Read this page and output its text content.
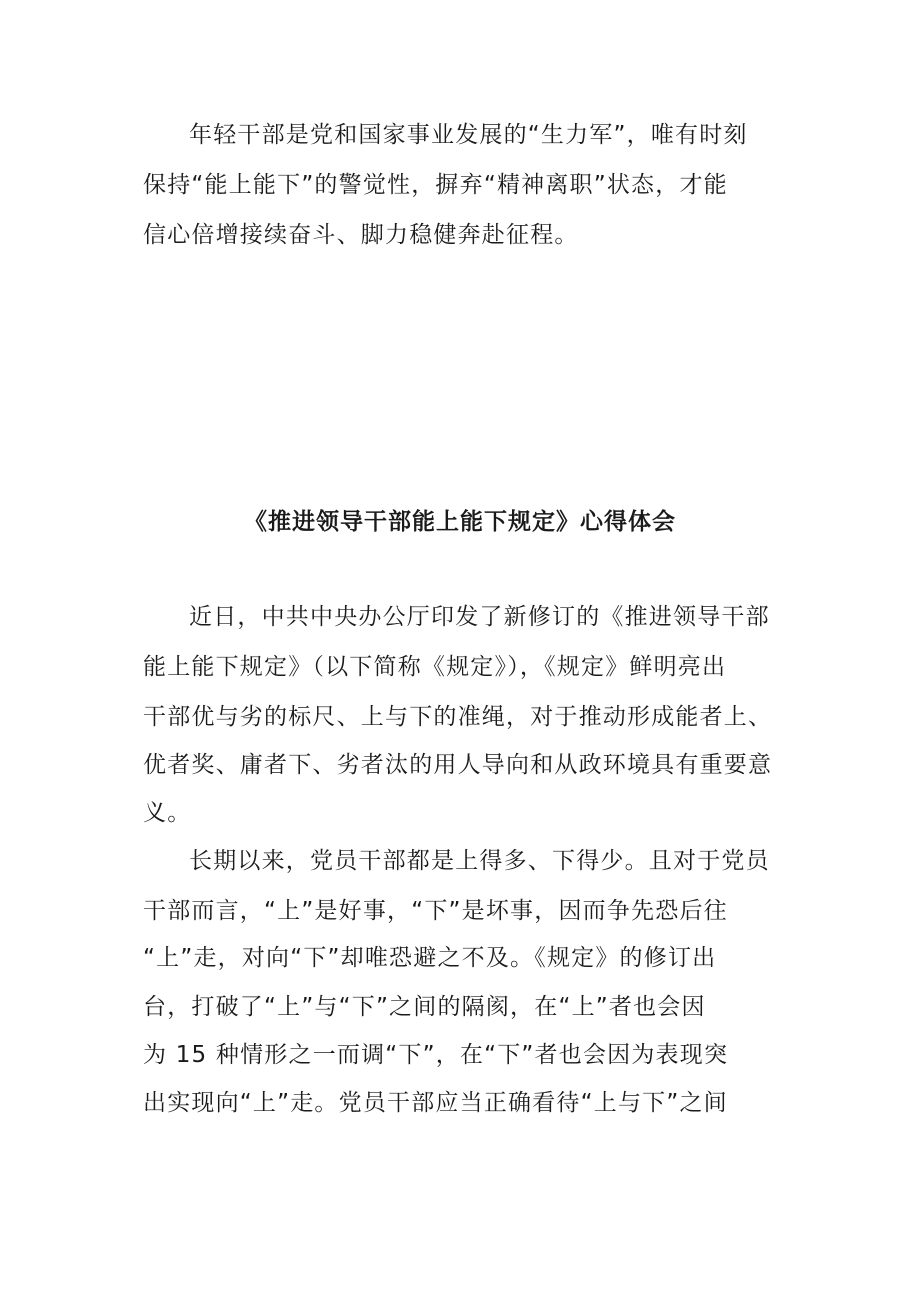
年轻干部是党和国家事业发展的“生力军”，唯有时刻
保持“能上能下”的警觉性，摒弃“精神离职”状态，才能
信心倍增接续奋斗、脚力稳健奔赴征程。
《推进领导干部能上能下规定》心得体会
近日，中共中央办公厅印发了新修订的《推进领导干部
能上能下规定》（以下简称《规定》），《规定》鲜明亮出
干部优与劣的标尺、上与下的准绳，对于推动形成能者上、
优者奖、庸者下、劣者汰的用人导向和从政环境具有重要意
义。
长期以来，党员干部都是上得多、下得少。且对于党员
干部而言，“上”是好事，“下”是坏事，因而争先恐后往
“上”走，对向“下”却唯恐避之不及。《规定》的修订出
台，打破了“上”与“下”之间的隔阂，在“上”者也会因
为 15 种情形之一而调“下”，在“下”者也会因为表现突
出实现向“上”走。党员干部应当正确看待“上与下”之间
